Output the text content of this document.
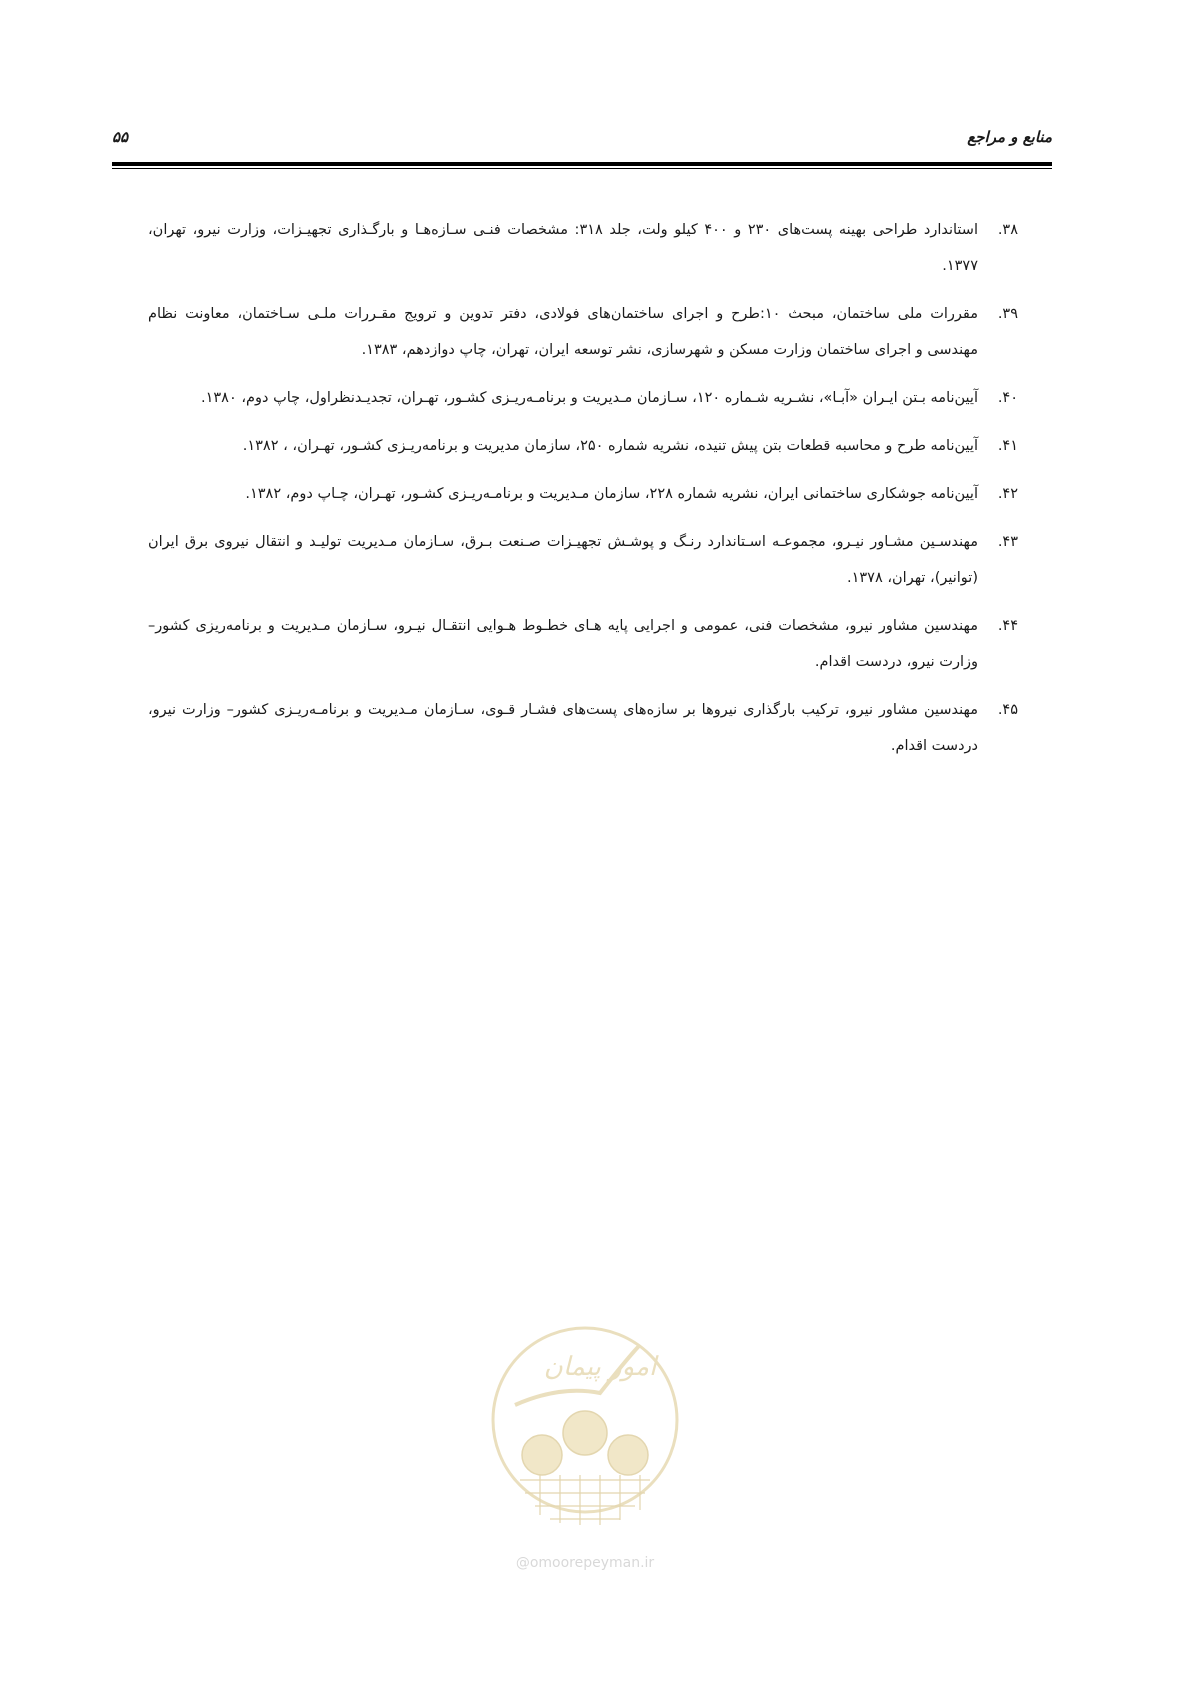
منابع و مراجع
۵۵
۳۸.
استاندارد طراحی بهینه پست‌های ۲۳۰ و ۴۰۰ کیلو ولت، جلد ۳۱۸: مشخصات فنـی سـازه‌هـا و بارگـذاری تجهیـزات، وزارت نیرو، تهران، ۱۳۷۷.
۳۹.
مقررات ملی ساختمان، مبحث ۱۰:طرح و اجرای ساختمان‌های فولادی، دفتر تدوین و ترویج مقـررات ملـی سـاختمان، معاونت نظام مهندسی و اجرای ساختمان وزارت مسکن و شهرسازی، نشر توسعه ایران، تهران، چاپ دوازدهم، ۱۳۸۳.
۴۰.
آیین‌نامه بـتن ایـران «آبـا»، نشـریه شـماره ۱۲۰، سـازمان مـدیریت و برنامـه‌ریـزی کشـور، تهـران، تجدیـدنظراول، چاپ دوم، ۱۳۸۰.
۴۱.
آیین‌نامه طرح و محاسبه قطعات بتن پیش تنیده، نشریه شماره ۲۵۰، سازمان مدیریت و برنامه‌ریـزی کشـور، تهـران، ، ۱۳۸۲.
۴۲.
آیین‌نامه جوشکاری ساختمانی ایران، نشریه شماره ۲۲۸، سازمان مـدیریت و برنامـه‌ریـزی کشـور، تهـران، چـاپ دوم، ۱۳۸۲.
۴۳.
مهندسـین مشـاور نیـرو، مجموعـه اسـتاندارد رنـگ و پوشـش تجهیـزات صـنعت بـرق، سـازمان مـدیریت تولیـد و انتقال نیروی برق ایران (توانیر)، تهران، ۱۳۷۸.
۴۴.
مهندسین مشاور نیرو، مشخصات فنی، عمومی و اجرایی پایه هـای خطـوط هـوایی انتقـال نیـرو، سـازمان مـدیریت و برنامه‌ریزی کشور– وزارت نیرو، دردست اقدام.
۴۵.
مهندسین مشاور نیرو، ترکیب بارگذاری نیروها بر سازه‌های پست‌های فشـار قـوی، سـازمان مـدیریت و برنامـه‌ریـزی کشور– وزارت نیرو، دردست اقدام.
امور پیمان
@omoorepeyman.ir
